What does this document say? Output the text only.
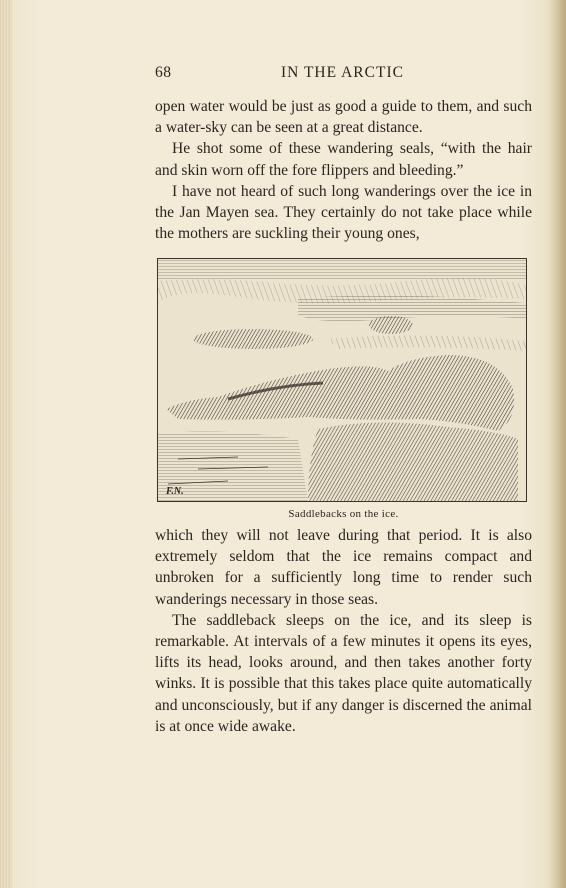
68	IN THE ARCTIC

open water would be just as good a guide to them, and such a water-sky can be seen at a great distance.

He shot some of these wandering seals, “with the hair and skin worn off the fore flippers and bleeding.”

I have not heard of such long wanderings over the ice in the Jan Mayen sea. They certainly do not take place while the mothers are suckling their young ones,

F.N.
Saddlebacks on the ice.

which they will not leave during that period. It is also extremely seldom that the ice remains compact and unbroken for a sufficiently long time to render such wanderings necessary in those seas.

The saddleback sleeps on the ice, and its sleep is remarkable. At intervals of a few minutes it opens its eyes, lifts its head, looks around, and then takes another forty winks. It is possible that this takes place quite automatically and unconsciously, but if any danger is discerned the animal is at once wide awake.
